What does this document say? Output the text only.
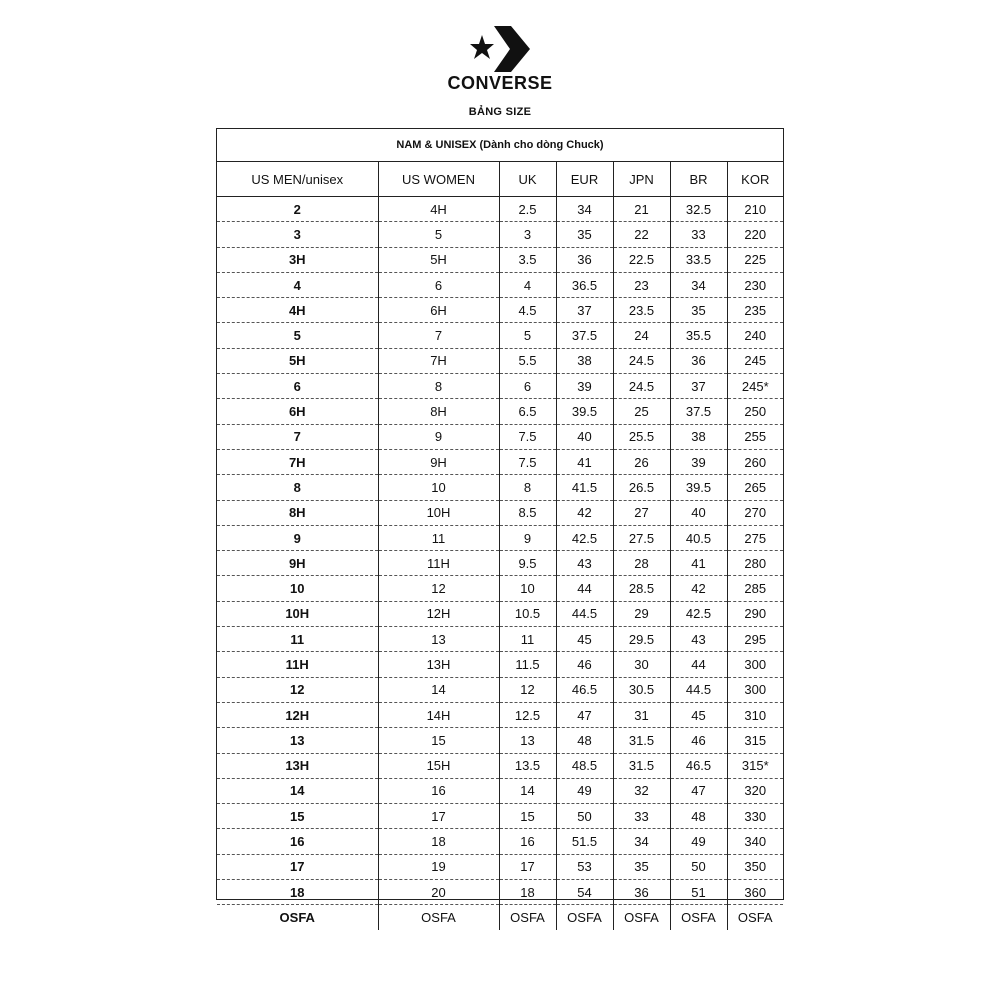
CONVERSE
BẢNG SIZE
NAM & UNISEX (Dành cho dòng Chuck)
US MEN/unisex	US WOMEN	UK	EUR	JPN	BR	KOR
2	4H	2.5	34	21	32.5	210
3	5	3	35	22	33	220
3H	5H	3.5	36	22.5	33.5	225
4	6	4	36.5	23	34	230
4H	6H	4.5	37	23.5	35	235
5	7	5	37.5	24	35.5	240
5H	7H	5.5	38	24.5	36	245
6	8	6	39	24.5	37	245*
6H	8H	6.5	39.5	25	37.5	250
7	9	7.5	40	25.5	38	255
7H	9H	7.5	41	26	39	260
8	10	8	41.5	26.5	39.5	265
8H	10H	8.5	42	27	40	270
9	11	9	42.5	27.5	40.5	275
9H	11H	9.5	43	28	41	280
10	12	10	44	28.5	42	285
10H	12H	10.5	44.5	29	42.5	290
11	13	11	45	29.5	43	295
11H	13H	11.5	46	30	44	300
12	14	12	46.5	30.5	44.5	300
12H	14H	12.5	47	31	45	310
13	15	13	48	31.5	46	315
13H	15H	13.5	48.5	31.5	46.5	315*
14	16	14	49	32	47	320
15	17	15	50	33	48	330
16	18	16	51.5	34	49	340
17	19	17	53	35	50	350
18	20	18	54	36	51	360
OSFA	OSFA	OSFA	OSFA	OSFA	OSFA	OSFA
